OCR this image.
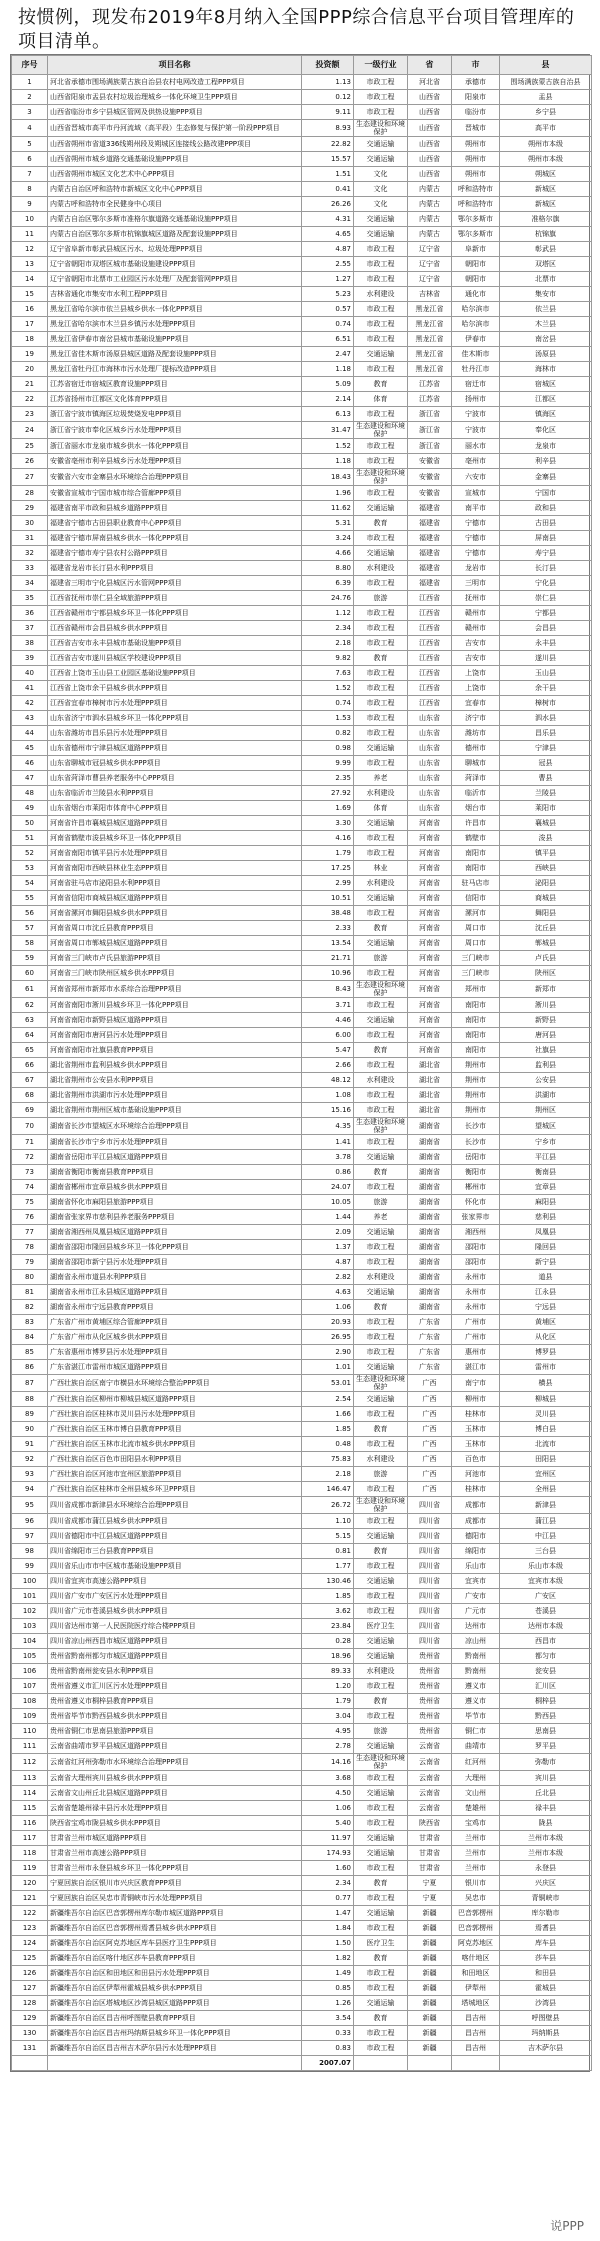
按惯例，现发布2019年8月纳入全国PPP综合信息平台项目管理库的项目清单。
序号	项目名称	投资额	一级行业	省	市	县
1	河北省承德市围场满族蒙古族自治县农村电网改造工程PPP项目	1.13	市政工程	河北省	承德市	围场满族蒙古族自治县
2	山西省阳泉市盂县农村垃圾治理城乡一体化环境卫生PPP项目	0.12	市政工程	山西省	阳泉市	盂县
3	山西省临汾市乡宁县城区管网及供热设施PPP项目	9.11	市政工程	山西省	临汾市	乡宁县
4	山西省晋城市高平市丹河流域（高平段）生态修复与保护第一阶段PPP项目	8.93	生态建设和环境保护	山西省	晋城市	高平市
5	山西省朔州市省道336线朔州段及朔城区连接线公路改建PPP项目	22.82	交通运输	山西省	朔州市	朔州市本级
6	山西省朔州市城乡道路交通基础设施PPP项目	15.57	交通运输	山西省	朔州市	朔州市本级
7	山西省朔州市城区文化艺术中心PPP项目	1.51	文化	山西省	朔州市	朔城区
8	内蒙古自治区呼和浩特市新城区文化中心PPP项目	0.41	文化	内蒙古	呼和浩特市	新城区
9	内蒙古呼和浩特市全民健身中心项目	26.26	文化	内蒙古	呼和浩特市	新城区
10	内蒙古自治区鄂尔多斯市准格尔旗道路交通基础设施PPP项目	4.31	交通运输	内蒙古	鄂尔多斯市	准格尔旗
11	内蒙古自治区鄂尔多斯市杭锦旗城区道路及配套设施PPP项目	4.65	交通运输	内蒙古	鄂尔多斯市	杭锦旗
12	辽宁省阜新市彰武县城区污水、垃圾处理PPP项目	4.87	市政工程	辽宁省	阜新市	彰武县
13	辽宁省朝阳市双塔区城市基础设施建设PPP项目	2.55	市政工程	辽宁省	朝阳市	双塔区
14	辽宁省朝阳市北票市工业园区污水处理厂及配套管网PPP项目	1.27	市政工程	辽宁省	朝阳市	北票市
15	吉林省通化市集安市水利工程PPP项目	5.23	水利建设	吉林省	通化市	集安市
16	黑龙江省哈尔滨市依兰县城乡供水一体化PPP项目	0.57	市政工程	黑龙江省	哈尔滨市	依兰县
17	黑龙江省哈尔滨市木兰县乡镇污水处理PPP项目	0.74	市政工程	黑龙江省	哈尔滨市	木兰县
18	黑龙江省伊春市南岔县城市基础设施PPP项目	6.51	市政工程	黑龙江省	伊春市	南岔县
19	黑龙江省佳木斯市汤原县城区道路及配套设施PPP项目	2.47	交通运输	黑龙江省	佳木斯市	汤原县
20	黑龙江省牡丹江市海林市污水处理厂提标改造PPP项目	1.18	市政工程	黑龙江省	牡丹江市	海林市
21	江苏省宿迁市宿城区教育设施PPP项目	5.09	教育	江苏省	宿迁市	宿城区
22	江苏省扬州市江都区文化体育PPP项目	2.14	体育	江苏省	扬州市	江都区
23	浙江省宁波市镇海区垃圾焚烧发电PPP项目	6.13	市政工程	浙江省	宁波市	镇海区
24	浙江省宁波市奉化区城乡污水处理PPP项目	31.47	生态建设和环境保护	浙江省	宁波市	奉化区
25	浙江省丽水市龙泉市城乡供水一体化PPP项目	1.52	市政工程	浙江省	丽水市	龙泉市
26	安徽省亳州市利辛县城乡污水处理PPP项目	1.18	市政工程	安徽省	亳州市	利辛县
27	安徽省六安市金寨县水环境综合治理PPP项目	18.43	生态建设和环境保护	安徽省	六安市	金寨县
28	安徽省宣城市宁国市城市综合管廊PPP项目	1.96	市政工程	安徽省	宣城市	宁国市
29	福建省南平市政和县城乡道路PPP项目	11.62	交通运输	福建省	南平市	政和县
30	福建省宁德市古田县职业教育中心PPP项目	5.31	教育	福建省	宁德市	古田县
31	福建省宁德市屏南县城乡供水一体化PPP项目	3.24	市政工程	福建省	宁德市	屏南县
32	福建省宁德市寿宁县农村公路PPP项目	4.66	交通运输	福建省	宁德市	寿宁县
33	福建省龙岩市长汀县水利PPP项目	8.80	水利建设	福建省	龙岩市	长汀县
34	福建省三明市宁化县城区污水管网PPP项目	6.39	市政工程	福建省	三明市	宁化县
35	江西省抚州市崇仁县全域旅游PPP项目	24.76	旅游	江西省	抚州市	崇仁县
36	江西省赣州市宁都县城乡环卫一体化PPP项目	1.12	市政工程	江西省	赣州市	宁都县
37	江西省赣州市会昌县城乡供水PPP项目	2.34	市政工程	江西省	赣州市	会昌县
38	江西省吉安市永丰县城市基础设施PPP项目	2.18	市政工程	江西省	吉安市	永丰县
39	江西省吉安市遂川县城区学校建设PPP项目	9.82	教育	江西省	吉安市	遂川县
40	江西省上饶市玉山县工业园区基础设施PPP项目	7.63	市政工程	江西省	上饶市	玉山县
41	江西省上饶市余干县城乡供水PPP项目	1.52	市政工程	江西省	上饶市	余干县
42	江西省宜春市樟树市污水处理PPP项目	0.74	市政工程	江西省	宜春市	樟树市
43	山东省济宁市泗水县城乡环卫一体化PPP项目	1.53	市政工程	山东省	济宁市	泗水县
44	山东省潍坊市昌乐县污水处理PPP项目	0.82	市政工程	山东省	潍坊市	昌乐县
45	山东省德州市宁津县城区道路PPP项目	0.98	交通运输	山东省	德州市	宁津县
46	山东省聊城市冠县城乡供水PPP项目	9.99	市政工程	山东省	聊城市	冠县
47	山东省菏泽市曹县养老服务中心PPP项目	2.35	养老	山东省	菏泽市	曹县
48	山东省临沂市兰陵县水利PPP项目	27.92	水利建设	山东省	临沂市	兰陵县
49	山东省烟台市莱阳市体育中心PPP项目	1.69	体育	山东省	烟台市	莱阳市
50	河南省许昌市襄城县城区道路PPP项目	3.30	交通运输	河南省	许昌市	襄城县
51	河南省鹤壁市浚县城乡环卫一体化PPP项目	4.16	市政工程	河南省	鹤壁市	浚县
52	河南省南阳市镇平县污水处理PPP项目	1.79	市政工程	河南省	南阳市	镇平县
53	河南省南阳市西峡县林业生态PPP项目	17.25	林业	河南省	南阳市	西峡县
54	河南省驻马店市泌阳县水利PPP项目	2.99	水利建设	河南省	驻马店市	泌阳县
55	河南省信阳市商城县城区道路PPP项目	10.51	交通运输	河南省	信阳市	商城县
56	河南省漯河市舞阳县城乡供水PPP项目	38.48	市政工程	河南省	漯河市	舞阳县
57	河南省周口市沈丘县教育PPP项目	2.33	教育	河南省	周口市	沈丘县
58	河南省周口市郸城县城区道路PPP项目	13.54	交通运输	河南省	周口市	郸城县
59	河南省三门峡市卢氏县旅游PPP项目	21.71	旅游	河南省	三门峡市	卢氏县
60	河南省三门峡市陕州区城乡供水PPP项目	10.96	市政工程	河南省	三门峡市	陕州区
61	河南省郑州市新郑市水系综合治理PPP项目	8.43	生态建设和环境保护	河南省	郑州市	新郑市
62	河南省南阳市淅川县城乡环卫一体化PPP项目	3.71	市政工程	河南省	南阳市	淅川县
63	河南省南阳市新野县城区道路PPP项目	4.46	交通运输	河南省	南阳市	新野县
64	河南省南阳市唐河县污水处理PPP项目	6.00	市政工程	河南省	南阳市	唐河县
65	河南省南阳市社旗县教育PPP项目	5.47	教育	河南省	南阳市	社旗县
66	湖北省荆州市监利县城乡供水PPP项目	2.66	市政工程	湖北省	荆州市	监利县
67	湖北省荆州市公安县水利PPP项目	48.12	水利建设	湖北省	荆州市	公安县
68	湖北省荆州市洪湖市污水处理PPP项目	1.08	市政工程	湖北省	荆州市	洪湖市
69	湖北省荆州市荆州区城市基础设施PPP项目	15.16	市政工程	湖北省	荆州市	荆州区
70	湖南省长沙市望城区水环境综合治理PPP项目	4.35	生态建设和环境保护	湖南省	长沙市	望城区
71	湖南省长沙市宁乡市污水处理PPP项目	1.41	市政工程	湖南省	长沙市	宁乡市
72	湖南省岳阳市平江县城区道路PPP项目	3.78	交通运输	湖南省	岳阳市	平江县
73	湖南省衡阳市衡南县教育PPP项目	0.86	教育	湖南省	衡阳市	衡南县
74	湖南省郴州市宜章县城乡供水PPP项目	24.07	市政工程	湖南省	郴州市	宜章县
75	湖南省怀化市麻阳县旅游PPP项目	10.05	旅游	湖南省	怀化市	麻阳县
76	湖南省张家界市慈利县养老服务PPP项目	1.44	养老	湖南省	张家界市	慈利县
77	湖南省湘西州凤凰县城区道路PPP项目	2.09	交通运输	湖南省	湘西州	凤凰县
78	湖南省邵阳市隆回县城乡环卫一体化PPP项目	1.37	市政工程	湖南省	邵阳市	隆回县
79	湖南省邵阳市新宁县污水处理PPP项目	4.87	市政工程	湖南省	邵阳市	新宁县
80	湖南省永州市道县水利PPP项目	2.82	水利建设	湖南省	永州市	道县
81	湖南省永州市江永县城区道路PPP项目	4.63	交通运输	湖南省	永州市	江永县
82	湖南省永州市宁远县教育PPP项目	1.06	教育	湖南省	永州市	宁远县
83	广东省广州市黄埔区综合管廊PPP项目	20.93	市政工程	广东省	广州市	黄埔区
84	广东省广州市从化区城乡供水PPP项目	26.95	市政工程	广东省	广州市	从化区
85	广东省惠州市博罗县污水处理PPP项目	2.90	市政工程	广东省	惠州市	博罗县
86	广东省湛江市雷州市城区道路PPP项目	1.01	交通运输	广东省	湛江市	雷州市
87	广西壮族自治区南宁市横县水环境综合整治PPP项目	53.01	生态建设和环境保护	广西	南宁市	横县
88	广西壮族自治区柳州市柳城县城区道路PPP项目	2.54	交通运输	广西	柳州市	柳城县
89	广西壮族自治区桂林市灵川县污水处理PPP项目	1.66	市政工程	广西	桂林市	灵川县
90	广西壮族自治区玉林市博白县教育PPP项目	1.85	教育	广西	玉林市	博白县
91	广西壮族自治区玉林市北流市城乡供水PPP项目	0.48	市政工程	广西	玉林市	北流市
92	广西壮族自治区百色市田阳县水利PPP项目	75.83	水利建设	广西	百色市	田阳县
93	广西壮族自治区河池市宜州区旅游PPP项目	2.18	旅游	广西	河池市	宜州区
94	广西壮族自治区桂林市全州县城乡环卫PPP项目	146.47	市政工程	广西	桂林市	全州县
95	四川省成都市新津县水环境综合治理PPP项目	26.72	生态建设和环境保护	四川省	成都市	新津县
96	四川省成都市蒲江县城乡供水PPP项目	1.10	市政工程	四川省	成都市	蒲江县
97	四川省德阳市中江县城区道路PPP项目	5.15	交通运输	四川省	德阳市	中江县
98	四川省绵阳市三台县教育PPP项目	0.81	教育	四川省	绵阳市	三台县
99	四川省乐山市市中区城市基础设施PPP项目	1.77	市政工程	四川省	乐山市	乐山市本级
100	四川省宜宾市高速公路PPP项目	130.46	交通运输	四川省	宜宾市	宜宾市本级
101	四川省广安市广安区污水处理PPP项目	1.85	市政工程	四川省	广安市	广安区
102	四川省广元市苍溪县城乡供水PPP项目	3.62	市政工程	四川省	广元市	苍溪县
103	四川省达州市第一人民医院医疗综合楼PPP项目	23.84	医疗卫生	四川省	达州市	达州市本级
104	四川省凉山州西昌市城区道路PPP项目	0.28	交通运输	四川省	凉山州	西昌市
105	贵州省黔南州都匀市城区道路PPP项目	18.96	交通运输	贵州省	黔南州	都匀市
106	贵州省黔南州瓮安县水利PPP项目	89.33	水利建设	贵州省	黔南州	瓮安县
107	贵州省遵义市汇川区污水处理PPP项目	1.20	市政工程	贵州省	遵义市	汇川区
108	贵州省遵义市桐梓县教育PPP项目	1.79	教育	贵州省	遵义市	桐梓县
109	贵州省毕节市黔西县城乡供水PPP项目	3.04	市政工程	贵州省	毕节市	黔西县
110	贵州省铜仁市思南县旅游PPP项目	4.95	旅游	贵州省	铜仁市	思南县
111	云南省曲靖市罗平县城区道路PPP项目	2.78	交通运输	云南省	曲靖市	罗平县
112	云南省红河州弥勒市水环境综合治理PPP项目	14.16	生态建设和环境保护	云南省	红河州	弥勒市
113	云南省大理州宾川县城乡供水PPP项目	3.68	市政工程	云南省	大理州	宾川县
114	云南省文山州丘北县城区道路PPP项目	4.50	交通运输	云南省	文山州	丘北县
115	云南省楚雄州禄丰县污水处理PPP项目	1.06	市政工程	云南省	楚雄州	禄丰县
116	陕西省宝鸡市陇县城乡供水PPP项目	5.40	市政工程	陕西省	宝鸡市	陇县
117	甘肃省兰州市城区道路PPP项目	11.97	交通运输	甘肃省	兰州市	兰州市本级
118	甘肃省兰州市高速公路PPP项目	174.93	交通运输	甘肃省	兰州市	兰州市本级
119	甘肃省兰州市永登县城乡环卫一体化PPP项目	1.60	市政工程	甘肃省	兰州市	永登县
120	宁夏回族自治区银川市兴庆区教育PPP项目	2.34	教育	宁夏	银川市	兴庆区
121	宁夏回族自治区吴忠市青铜峡市污水处理PPP项目	0.77	市政工程	宁夏	吴忠市	青铜峡市
122	新疆维吾尔自治区巴音郭楞州库尔勒市城区道路PPP项目	1.47	交通运输	新疆	巴音郭楞州	库尔勒市
123	新疆维吾尔自治区巴音郭楞州焉耆县城乡供水PPP项目	1.84	市政工程	新疆	巴音郭楞州	焉耆县
124	新疆维吾尔自治区阿克苏地区库车县医疗卫生PPP项目	1.50	医疗卫生	新疆	阿克苏地区	库车县
125	新疆维吾尔自治区喀什地区莎车县教育PPP项目	1.82	教育	新疆	喀什地区	莎车县
126	新疆维吾尔自治区和田地区和田县污水处理PPP项目	1.49	市政工程	新疆	和田地区	和田县
127	新疆维吾尔自治区伊犁州霍城县城乡供水PPP项目	0.85	市政工程	新疆	伊犁州	霍城县
128	新疆维吾尔自治区塔城地区沙湾县城区道路PPP项目	1.26	交通运输	新疆	塔城地区	沙湾县
129	新疆维吾尔自治区昌吉州呼图壁县教育PPP项目	3.54	教育	新疆	昌吉州	呼图壁县
130	新疆维吾尔自治区昌吉州玛纳斯县城乡环卫一体化PPP项目	0.33	市政工程	新疆	昌吉州	玛纳斯县
131	新疆维吾尔自治区昌吉州吉木萨尔县污水处理PPP项目	0.83	市政工程	新疆	昌吉州	吉木萨尔县
		2007.07				
说PPP
